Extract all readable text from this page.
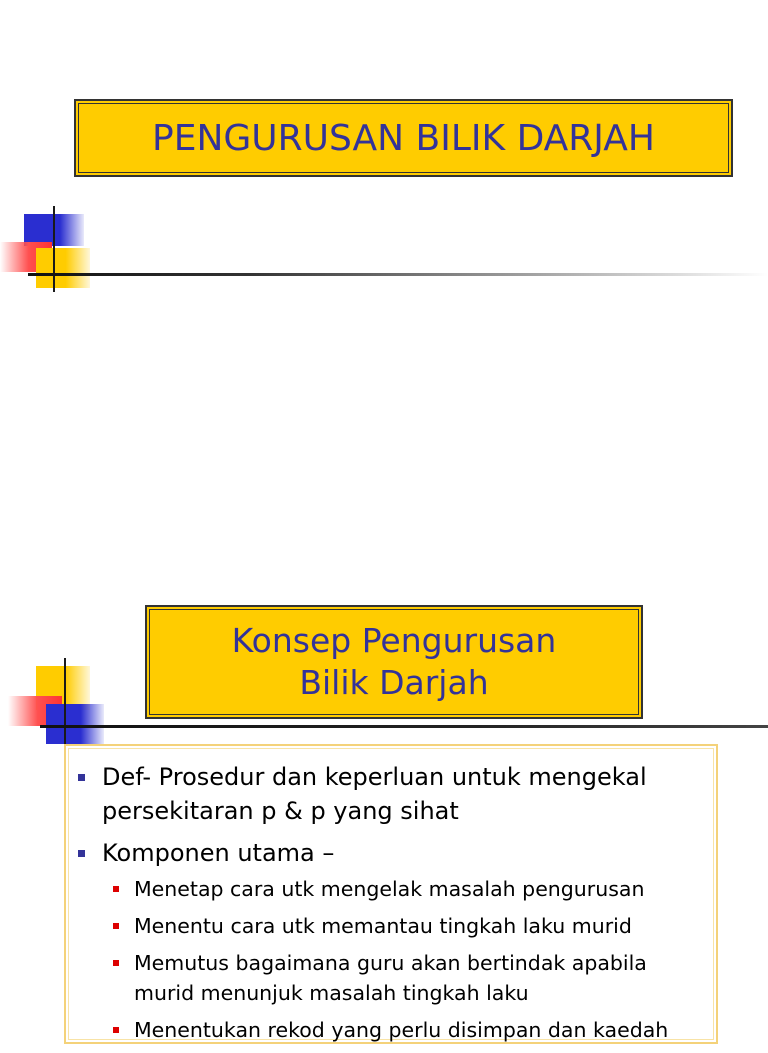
PENGURUSAN BILIK DARJAH
Konsep Pengurusan
Bilik Darjah
Def- Prosedur dan keperluan untuk mengekal persekitaran p & p yang sihat
Komponen utama –
Menetap cara utk mengelak masalah pengurusan
Menentu cara utk memantau tingkah laku murid
Memutus bagaimana guru akan bertindak apabila murid menunjuk masalah tingkah laku
Menentukan rekod yang perlu disimpan dan kaedah
